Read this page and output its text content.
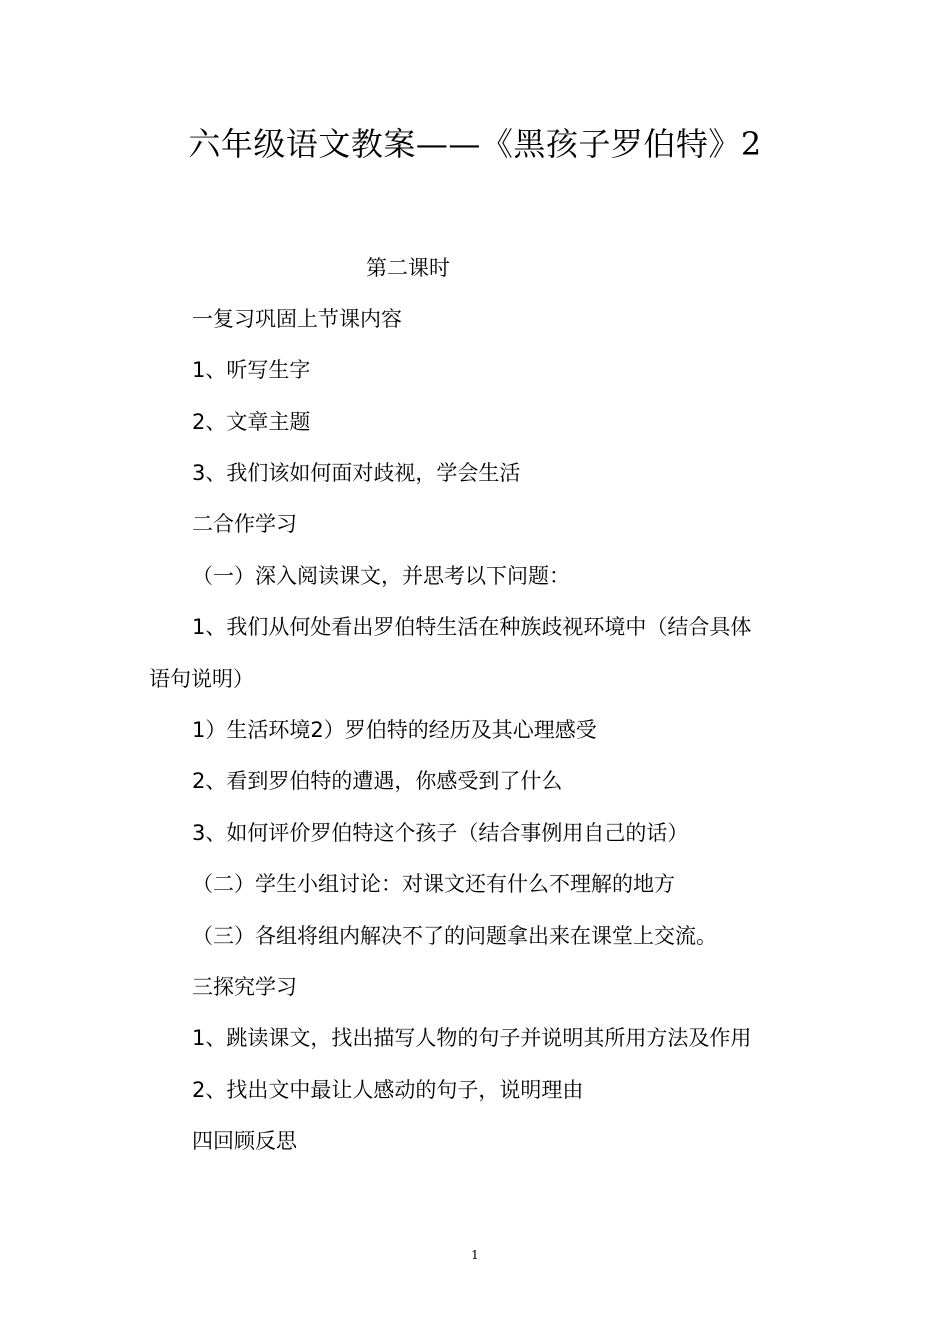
六年级语文教案——《黑孩子罗伯特》2
第二课时
一复习巩固上节课内容
1、听写生字
2、文章主题
3、我们该如何面对歧视，学会生活
二合作学习
（一）深入阅读课文，并思考以下问题：
1、我们从何处看出罗伯特生活在种族歧视环境中（结合具体
语句说明）
1）生活环境2）罗伯特的经历及其心理感受
2、看到罗伯特的遭遇，你感受到了什么
3、如何评价罗伯特这个孩子（结合事例用自己的话）
（二）学生小组讨论：对课文还有什么不理解的地方
（三）各组将组内解决不了的问题拿出来在课堂上交流。
三探究学习
1、跳读课文，找出描写人物的句子并说明其所用方法及作用
2、找出文中最让人感动的句子，说明理由
四回顾反思
1
